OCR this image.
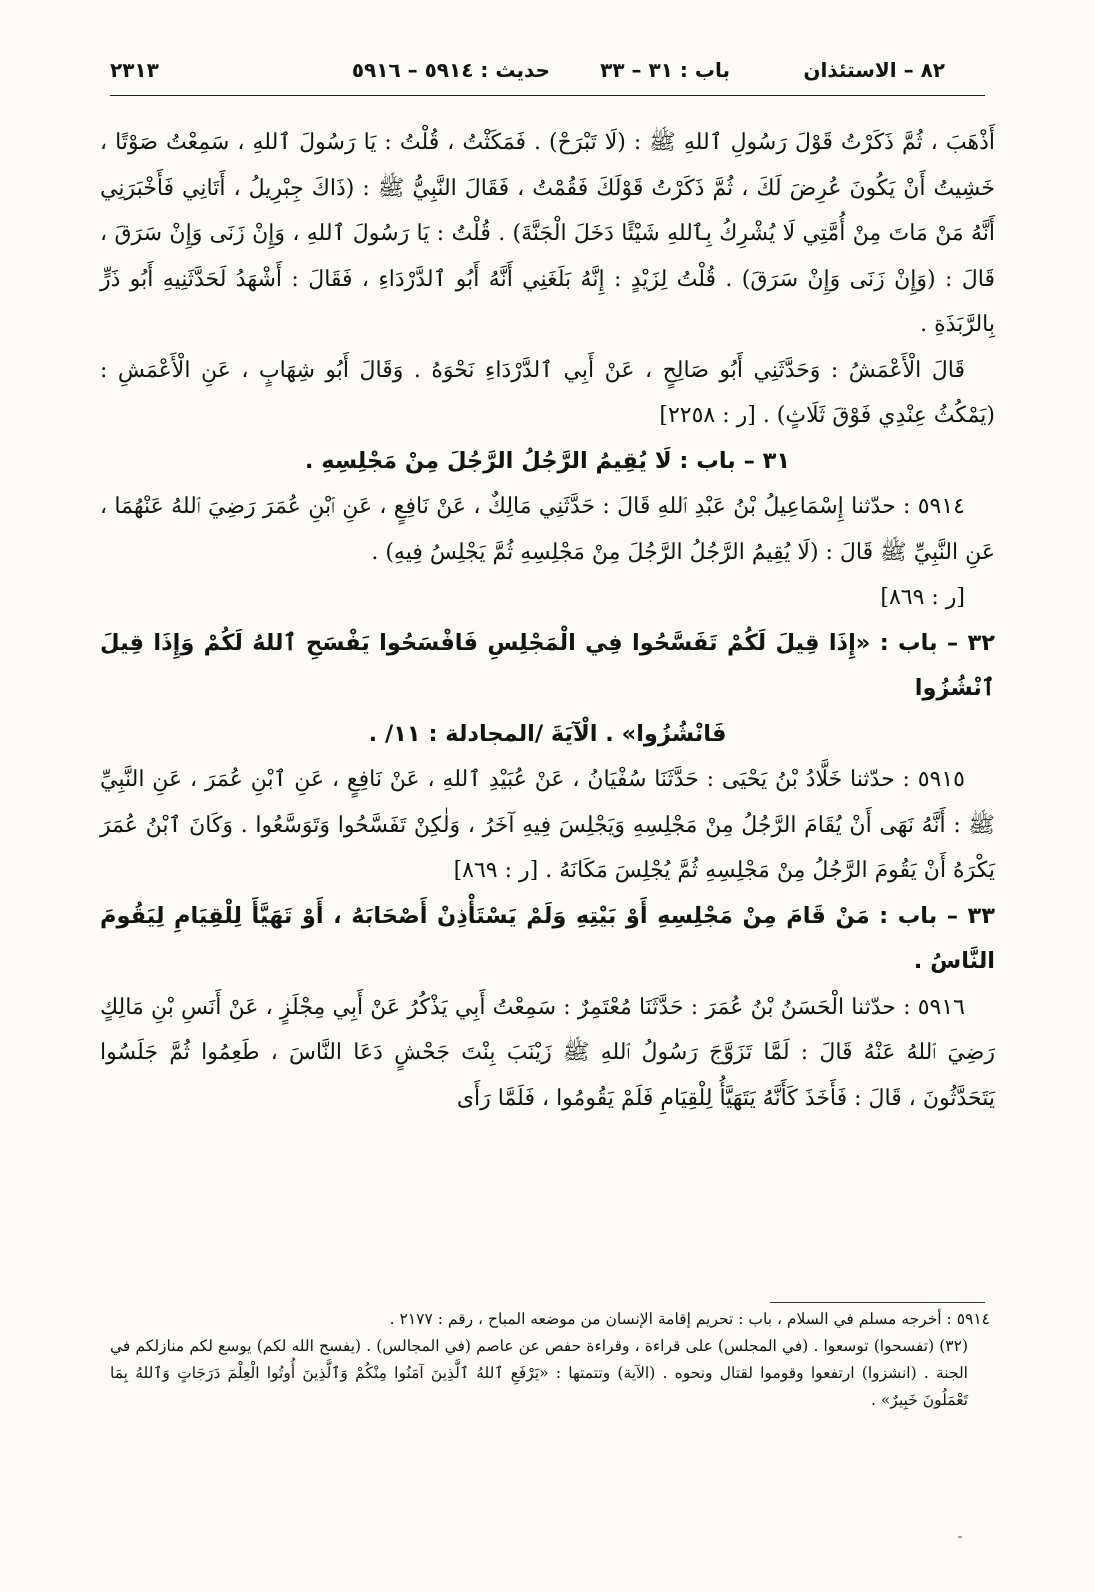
٨٢ – الاستئذان
باب : ٣١ – ٣٣
حديث : ٥٩١٤ – ٥٩١٦
٢٣١٣

أَذْهَبَ ، ثُمَّ ذَكَرْتُ قَوْلَ رَسُولِ ٱللهِ ﷺ : (لَا تَبْرَحْ) . فَمَكَثْتُ ، قُلْتُ : يَا رَسُولَ ٱللهِ ، سَمِعْتُ صَوْتًا ، خَشِيتُ أَنْ يَكُونَ عُرِضَ لَكَ ، ثُمَّ ذَكَرْتُ قَوْلَكَ فَقُمْتُ ، فَقَالَ النَّبِيُّ ﷺ : (ذَاكَ جِبْرِيلُ ، أَتَانِي فَأَخْبَرَنِي أَنَّهُ مَنْ مَاتَ مِنْ أُمَّتِي لَا يُشْرِكُ بِٱللهِ شَيْئًا دَخَلَ الْجَنَّةَ) . قُلْتُ : يَا رَسُولَ ٱللهِ ، وَإِنْ زَنَى وَإِنْ سَرَقَ ، قَالَ : (وَإِنْ زَنَى وَإِنْ سَرَقَ) . قُلْتُ لِزَيْدٍ : إِنَّهُ بَلَغَنِي أَنَّهُ أَبُو ٱلدَّرْدَاءِ ، فَقَالَ : أَشْهَدُ لَحَدَّثَنِيهِ أَبُو ذَرٍّ بِالرَّبَذَةِ .

قَالَ الْأَعْمَشُ : وَحَدَّثَنِي أَبُو صَالِحٍ ، عَنْ أَبِي ٱلدَّرْدَاءِ نَحْوَهُ . وَقَالَ أَبُو شِهَابٍ ، عَنِ الْأَعْمَشِ : (يَمْكُثُ عِنْدِي فَوْقَ ثَلَاثٍ) . [ر : ٢٢٥٨]

٣١ – باب : لَا يُقِيمُ الرَّجُلُ الرَّجُلَ مِنْ مَجْلِسِهِ .

٥٩١٤ : حدّثنا إِسْمَاعِيلُ بْنُ عَبْدِ ٱللهِ قَالَ : حَدَّثَنِي مَالِكٌ ، عَنْ نَافِعٍ ، عَنِ ٱبْنِ عُمَرَ رَضِيَ ٱللهُ عَنْهُمَا ، عَنِ النَّبِيِّ ﷺ قَالَ : (لَا يُقِيمُ الرَّجُلُ الرَّجُلَ مِنْ مَجْلِسِهِ ثُمَّ يَجْلِسُ فِيهِ) .

[ر : ٨٦٩]

٣٢ – باب : «إِذَا قِيلَ لَكُمْ تَفَسَّحُوا فِي الْمَجْلِسِ فَافْسَحُوا يَفْسَحِ ٱللهُ لَكُمْ وَإِذَا قِيلَ ٱنْشُزُوا

فَانْشُزُوا» . الْآيَةَ /المجادلة : ١١/ .

٥٩١٥ : حدّثنا خَلَّادُ بْنُ يَحْيَى : حَدَّثَنَا سُفْيَانُ ، عَنْ عُبَيْدِ ٱللهِ ، عَنْ نَافِعٍ ، عَنِ ٱبْنِ عُمَرَ ، عَنِ النَّبِيِّ ﷺ : أَنَّهُ نَهَى أَنْ يُقَامَ الرَّجُلُ مِنْ مَجْلِسِهِ وَيَجْلِسَ فِيهِ آخَرُ ، وَلٰكِنْ تَفَسَّحُوا وَتَوَسَّعُوا . وَكَانَ ٱبْنُ عُمَرَ يَكْرَهُ أَنْ يَقُومَ الرَّجُلُ مِنْ مَجْلِسِهِ ثُمَّ يُجْلِسَ مَكَانَهُ . [ر : ٨٦٩]

٣٣ – باب : مَنْ قَامَ مِنْ مَجْلِسِهِ أَوْ بَيْتِهِ وَلَمْ يَسْتَأْذِنْ أَصْحَابَهُ ، أَوْ تَهَيَّأَ لِلْقِيَامِ لِيَقُومَ النَّاسُ .

٥٩١٦ : حدّثنا الْحَسَنُ بْنُ عُمَرَ : حَدَّثَنَا مُعْتَمِرٌ : سَمِعْتُ أَبِي يَذْكُرُ عَنْ أَبِي مِجْلَزٍ ، عَنْ أَنَسِ بْنِ مَالِكٍ رَضِيَ ٱللهُ عَنْهُ قَالَ : لَمَّا تَزَوَّجَ رَسُولُ ٱللهِ ﷺ زَيْنَبَ بِنْتَ جَحْشٍ دَعَا النَّاسَ ، طَعِمُوا ثُمَّ جَلَسُوا يَتَحَدَّثُونَ ، قَالَ : فَأَخَذَ كَأَنَّهُ يَتَهَيَّأُ لِلْقِيَامِ فَلَمْ يَقُومُوا ، فَلَمَّا رَأَى

٥٩١٤ : أخرجه مسلم في السلام ، باب : تحريم إقامة الإنسان من موضعه المباح ، رقم : ٢١٧٧ .

(٣٢) (تفسحوا) توسعوا . (في المجلس) على قراءة ، وقراءة حفص عن عاصم (في المجالس) . (يفسح الله لكم) يوسع لكم منازلكم في الجنة . (انشزوا) ارتفعوا وقوموا لقتال ونحوه . (الآية) وتتمتها : «يَرْفَعِ ٱللهُ ٱلَّذِينَ آمَنُوا مِنْكُمْ وَٱلَّذِينَ أُوتُوا الْعِلْمَ دَرَجَاتٍ وَٱللهُ بِمَا تَعْمَلُونَ خَبِيرٌ» .
